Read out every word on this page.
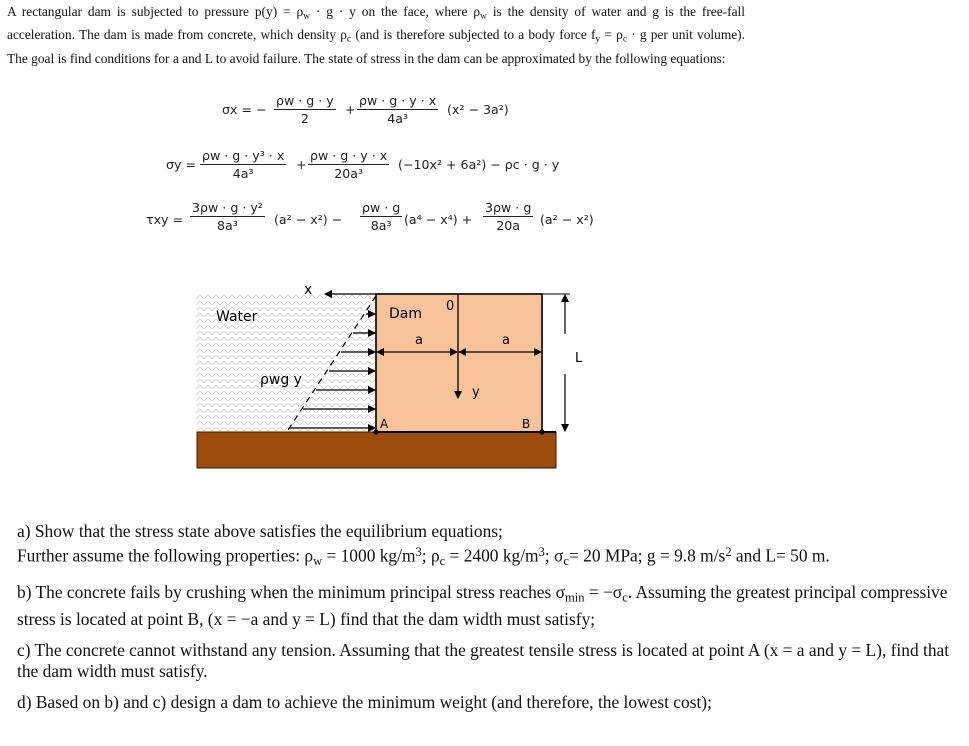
A rectangular dam is subjected to pressure $p(y) = \rho_w \cdot g \cdot y$ on the face, where $\rho_w$ is the density of water and g is the free-fall acceleration. The dam is made from concrete, which density $\rho_c$ (and is therefore subjected to a body force $f_y = \rho_c \cdot g$ per unit volume). The goal is find conditions for a and L to avoid failure. The state of stress in the dam can be approximated by the following equations:
σx = − $\frac{\rho w \cdot g \cdot y}{2} + \frac{\rho w \cdot g \cdot y \cdot x}{\text{4a³}} (x^2 - 3a^2)$
$\sigma y = \frac{\text{ρw · g · y³ · x}}{\text{4a³}} + \frac{\rho w \cdot g \cdot y \cdot x}{\text{20a³}} (-10x^2 + 6a^2) - \rho c \cdot g \cdot y$
$\tau xy = \frac{\text{3ρw · g · y²}}{\text{8a³}} (a^2 - x^2) - \frac{\rho w \cdot g}{\text{8a³}} (a^4 - x^4) + \frac{3\rho w \cdot g}{20a} (a^2 - x^2)$
x
Water
ρwg y
Dam 0
y
a	a
L
A	B

a) Show that the stress state above satisfies the equilibrium equations;

Further assume the following properties: $\rho_w = 1000$ $kg/m^3$; $\rho_c = 2400$ $kg/m^3$; $\sigma_c= 20$ MPa; g = 9.8 $m/s^2$ and L= 50 m.

b) The concrete fails by crushing when the minimum principal stress reaches $\sigma_{min} = -\sigma_c$. Assuming the greatest principal compressive stress is located at point B, (x = −a and y = L) find that the dam width must satisfy;

c) The concrete cannot withstand any tension. Assuming that the greatest tensile stress is located at point A (x = a and y = L), find that the dam width must satisfy.

d) Based on b) and c) design a dam to achieve the minimum weight (and therefore, the lowest cost);
